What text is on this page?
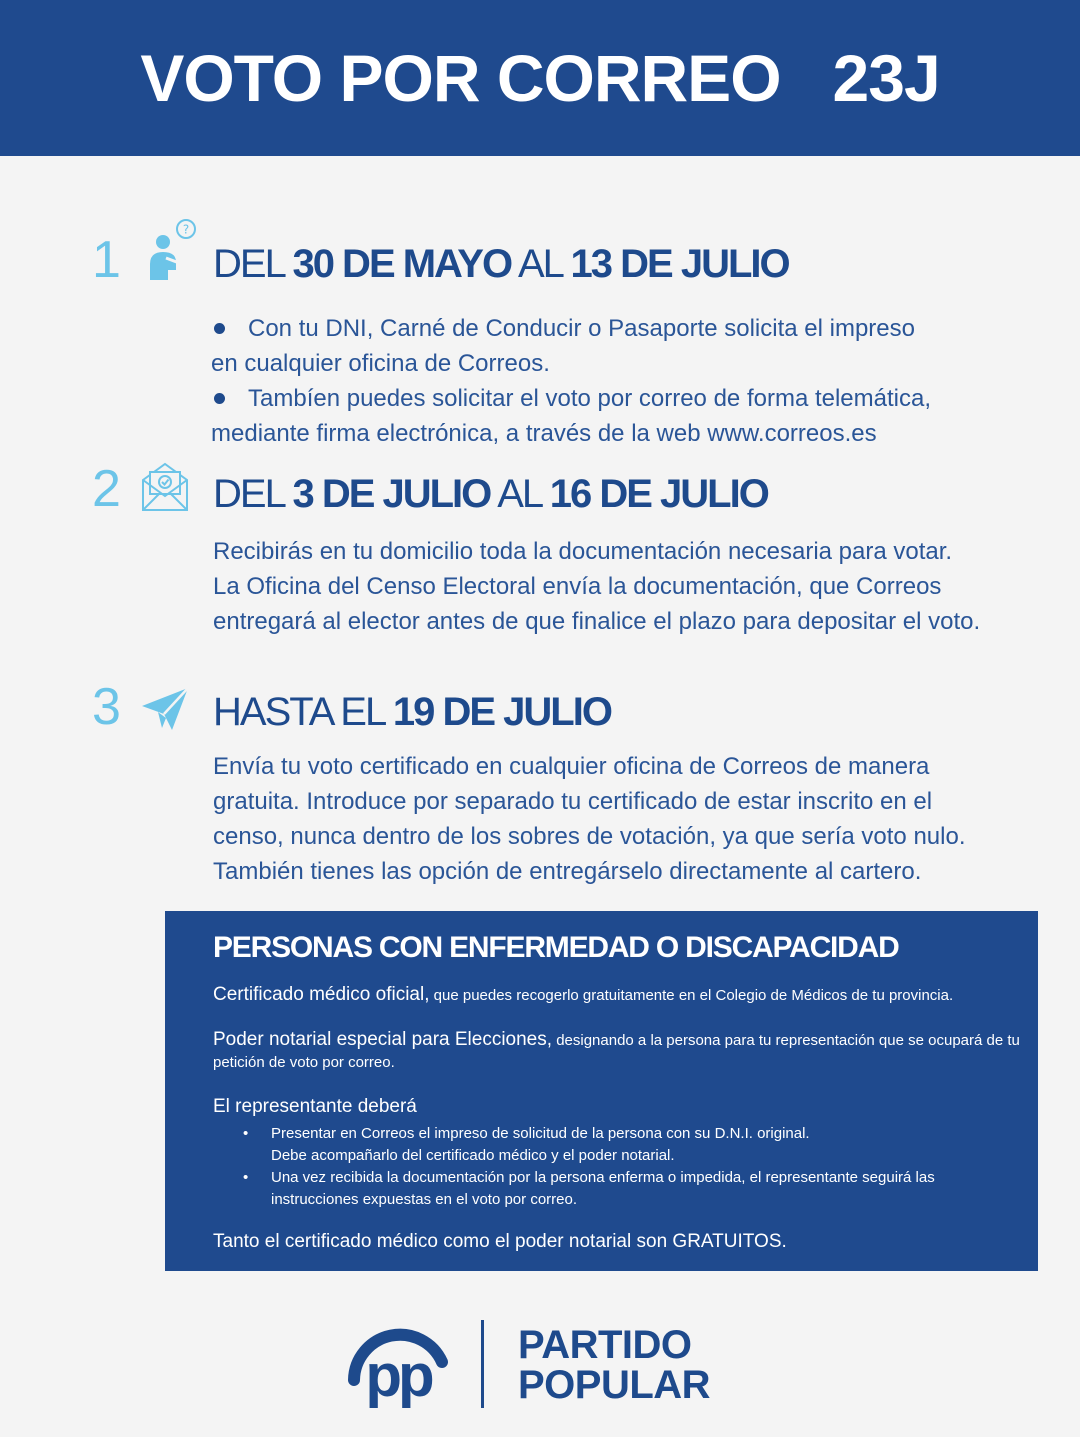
VOTO POR CORREO   23J
1
?
DEL 30 DE MAYO AL 13 DE JULIO
Con tu DNI, Carné de Conducir o Pasaporte solicita el impreso
en cualquier oficina de Correos.
Tambíen puedes solicitar el voto por correo de forma telemática,
mediante firma electrónica, a través de la web www.correos.es
2 DEL 3 DE JULIO AL 16 DE JULIO
Recibirás en tu domicilio toda la documentación necesaria para votar.
La Oficina del Censo Electoral envía la documentación, que Correos
entregará al elector antes de que finalice el plazo para depositar el voto.
3 HASTA EL 19 DE JULIO
Envía tu voto certificado en cualquier oficina de Correos de manera
gratuita. Introduce por separado tu certificado de estar inscrito en el
censo, nunca dentro de los sobres de votación, ya que sería voto nulo.
También tienes las opción de entregárselo directamente al cartero.
PERSONAS CON ENFERMEDAD O DISCAPACIDAD

Certificado médico oficial, que puedes recogerlo gratuitamente en el Colegio de Médicos de tu provincia.

Poder notarial especial para Elecciones, designando a la persona para tu representación que se ocupará de tu petición de voto por correo.

El representante deberá

• Presentar en Correos el impreso de solicitud de la persona con su D.N.I. original.
Debe acompañarlo del certificado médico y el poder notarial.
• Una vez recibida la documentación por la persona enferma o impedida, el representante seguirá las
instrucciones expuestas en el voto por correo.

Tanto el certificado médico como el poder notarial son GRATUITOS.

pp PARTIDO
POPULAR
